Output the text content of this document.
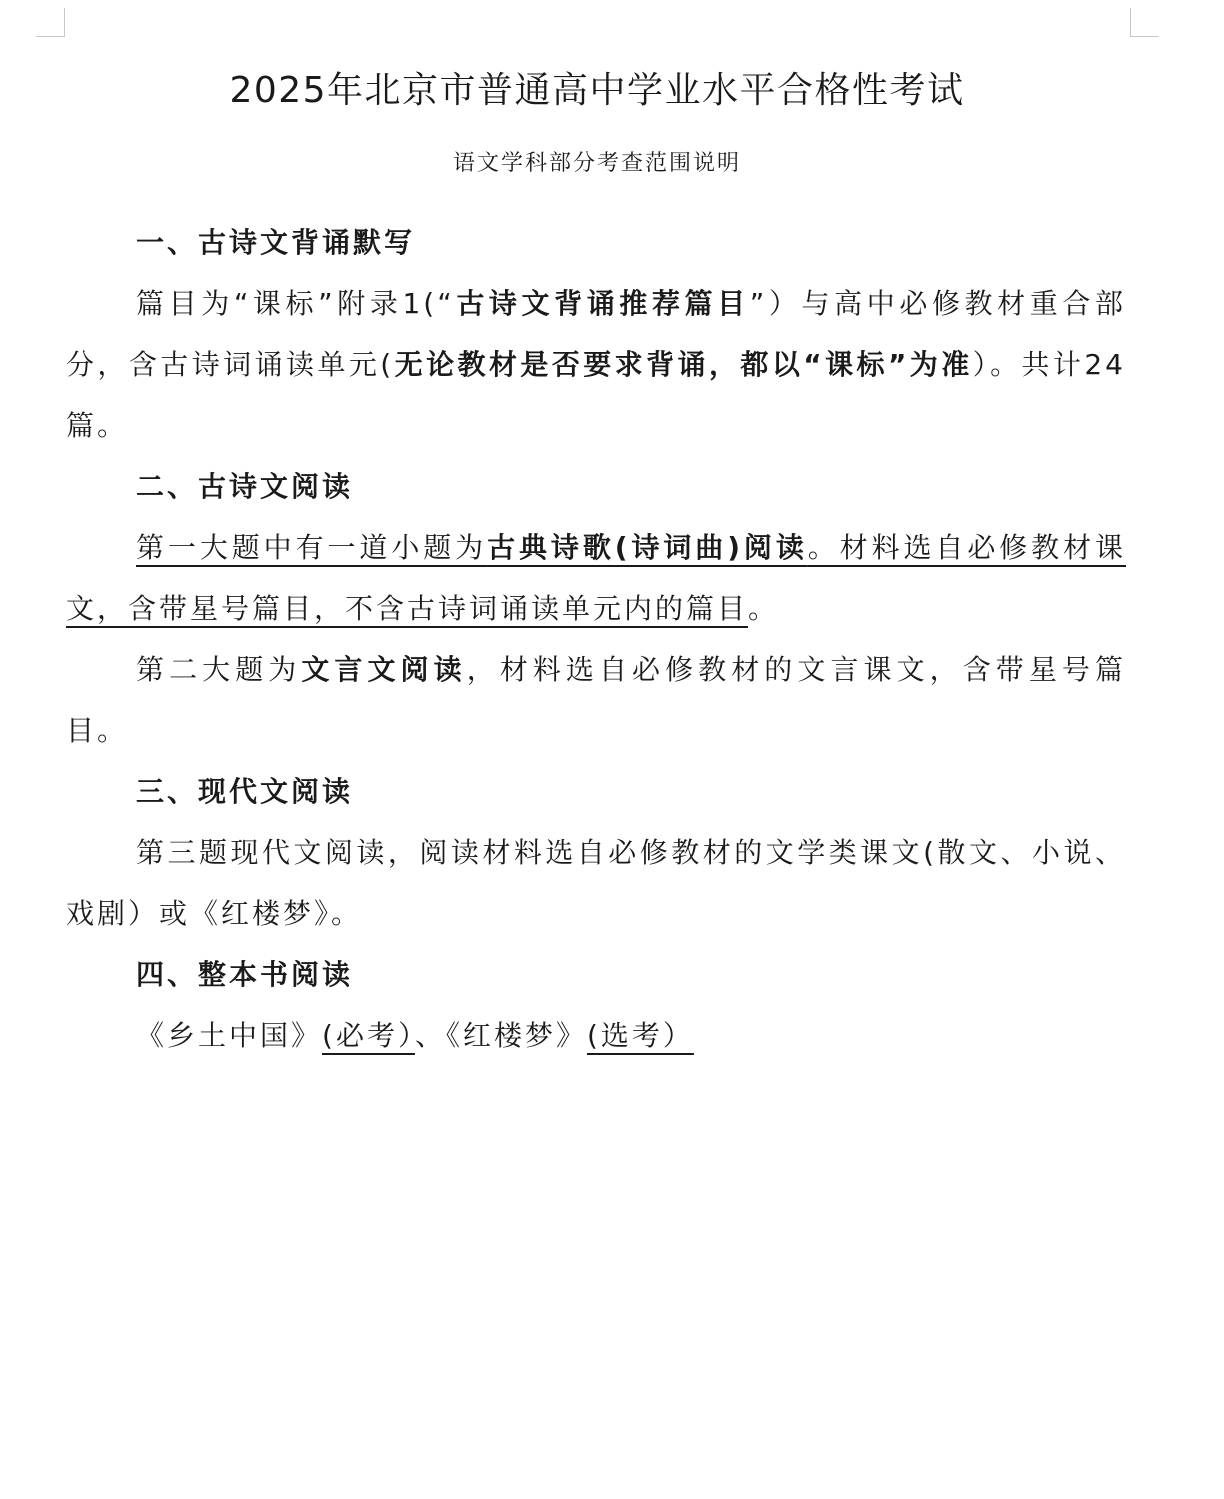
2025年北京市普通高中学业水平合格性考试
语文学科部分考查范围说明

一、古诗文背诵默写

篇目为“课标”附录1(“古诗文背诵推荐篇目”）与高中必修教材重合部分，含古诗词诵读单元(无论教材是否要求背诵，都以“课标”为准）。共计24篇。

二、古诗文阅读

第一大题中有一道小题为古典诗歌(诗词曲)阅读。材料选自必修教材课文，含带星号篇目，不含古诗词诵读单元内的篇目。

第二大题为文言文阅读，材料选自必修教材的文言课文，含带星号篇目。

三、现代文阅读

第三题现代文阅读，阅读材料选自必修教材的文学类课文(散文、小说、戏剧）或《红楼梦》。

四、整本书阅读

《乡土中国》(必考）、《红楼梦》(选考）
